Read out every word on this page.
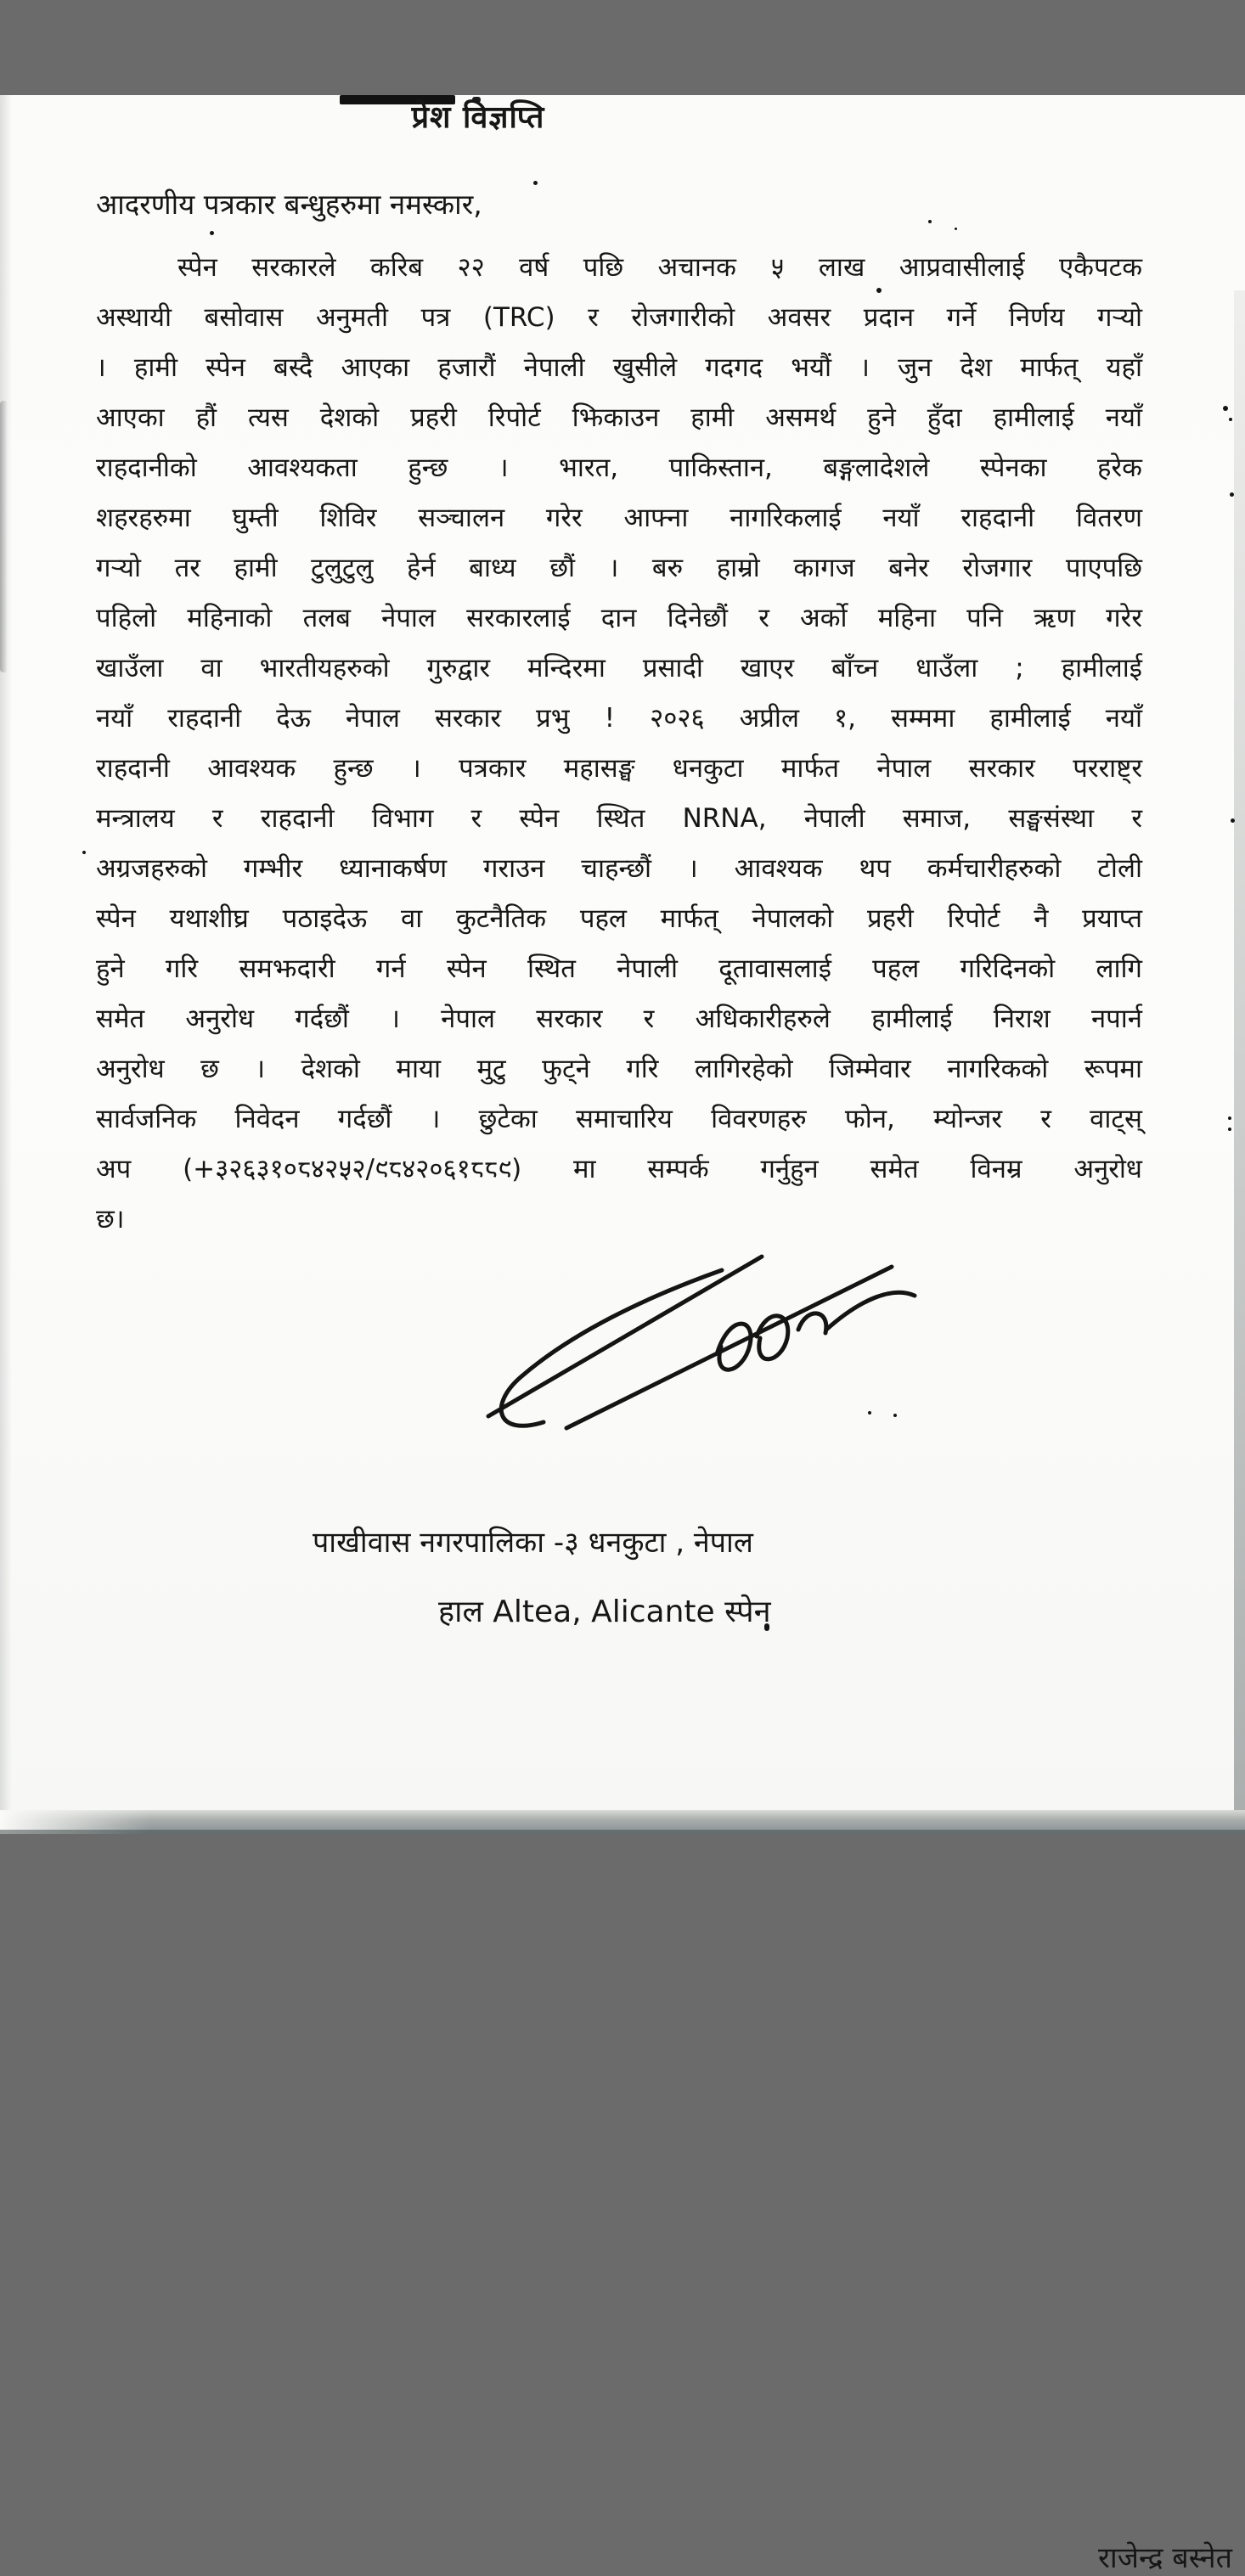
प्रेश विज्ञप्ति

आदरणीय पत्रकार बन्धुहरुमा नमस्कार,

स्पेन सरकारले करिब २२ वर्ष पछि अचानक ५ लाख आप्रवासीलाई एकैपटक
अस्थायी बसोवास अनुमती पत्र (TRC) र रोजगारीको अवसर प्रदान गर्ने निर्णय गऱ्यो
। हामी स्पेन बस्दै आएका हजारौं नेपाली खुसीले गदगद भयौं । जुन देश मार्फत् यहाँ
आएका हौं त्यस देशको प्रहरी रिपोर्ट झिकाउन हामी असमर्थ हुने हुँदा हामीलाई नयाँ
राहदानीको आवश्यकता हुन्छ । भारत, पाकिस्तान, बङ्गलादेशले स्पेनका हरेक
शहरहरुमा घुम्ती शिविर सञ्चालन गरेर आफ्ना नागरिकलाई नयाँ राहदानी वितरण
गऱ्यो तर हामी टुलुटुलु हेर्न बाध्य छौं । बरु हाम्रो कागज बनेर रोजगार पाएपछि
पहिलो महिनाको तलब नेपाल सरकारलाई दान दिनेछौं र अर्को महिना पनि ऋण गरेर
खाउँला वा भारतीयहरुको गुरुद्वार मन्दिरमा प्रसादी खाएर बाँच्न धाउँला ; हामीलाई
नयाँ राहदानी देऊ नेपाल सरकार प्रभु ! २०२६ अप्रील १, सम्ममा हामीलाई नयाँ
राहदानी आवश्यक हुन्छ । पत्रकार महासङ्घ धनकुटा मार्फत नेपाल सरकार परराष्ट्र
मन्त्रालय र राहदानी विभाग र स्पेन स्थित NRNA, नेपाली समाज, सङ्घसंस्था र
अग्रजहरुको गम्भीर ध्यानाकर्षण गराउन चाहन्छौं । आवश्यक थप कर्मचारीहरुको टोली
स्पेन यथाशीघ्र पठाइदेऊ वा कुटनैतिक पहल मार्फत् नेपालको प्रहरी रिपोर्ट नै प्रयाप्त
हुने गरि समझदारी गर्न स्पेन स्थित नेपाली दूतावासलाई पहल गरिदिनको लागि
समेत अनुरोध गर्दछौं । नेपाल सरकार र अधिकारीहरुले हामीलाई निराश नपार्न
अनुरोध छ । देशको माया मुटु फुट्ने गरि लागिरहेको जिम्मेवार नागरिकको रूपमा
सार्वजनिक निवेदन गर्दछौं । छुटेका समाचारिय विवरणहरु फोन, म्योन्जर र वाट्स्
अप (+३२६३१०८४२५२/९८४२०६१८८९) मा सम्पर्क गर्नुहुन समेत विनम्र अनुरोध
छ।
राजेन्द्र बस्नेत
पाखीवास नगरपालिका -३ धनकुटा , नेपाल
हाल Altea, Alicante स्पेन
